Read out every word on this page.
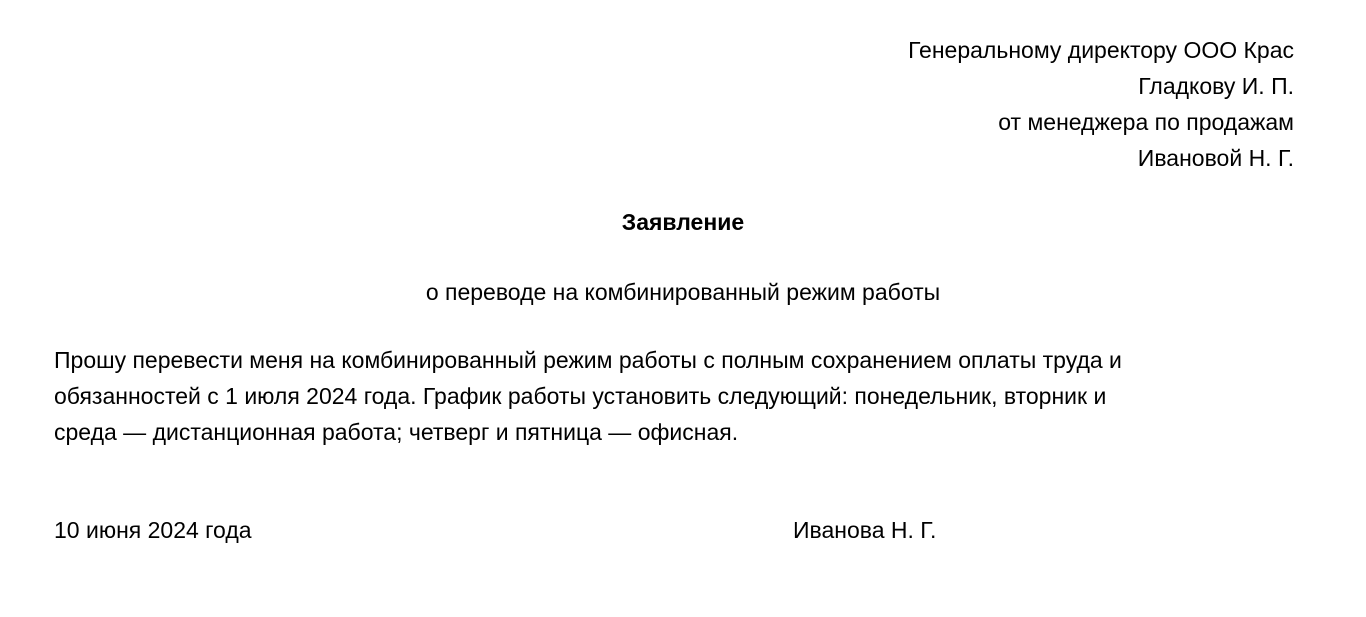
Генеральному директору ООО Крас
Гладкову И. П.
от менеджера по продажам
Ивановой Н. Г.
Заявление
о переводе на комбинированный режим работы
Прошу перевести меня на комбинированный режим работы с полным сохранением оплаты труда и
обязанностей с 1 июля 2024 года. График работы установить следующий: понедельник, вторник и
среда — дистанционная работа; четверг и пятница — офисная.
10 июня 2024 года	Иванова Н. Г.
